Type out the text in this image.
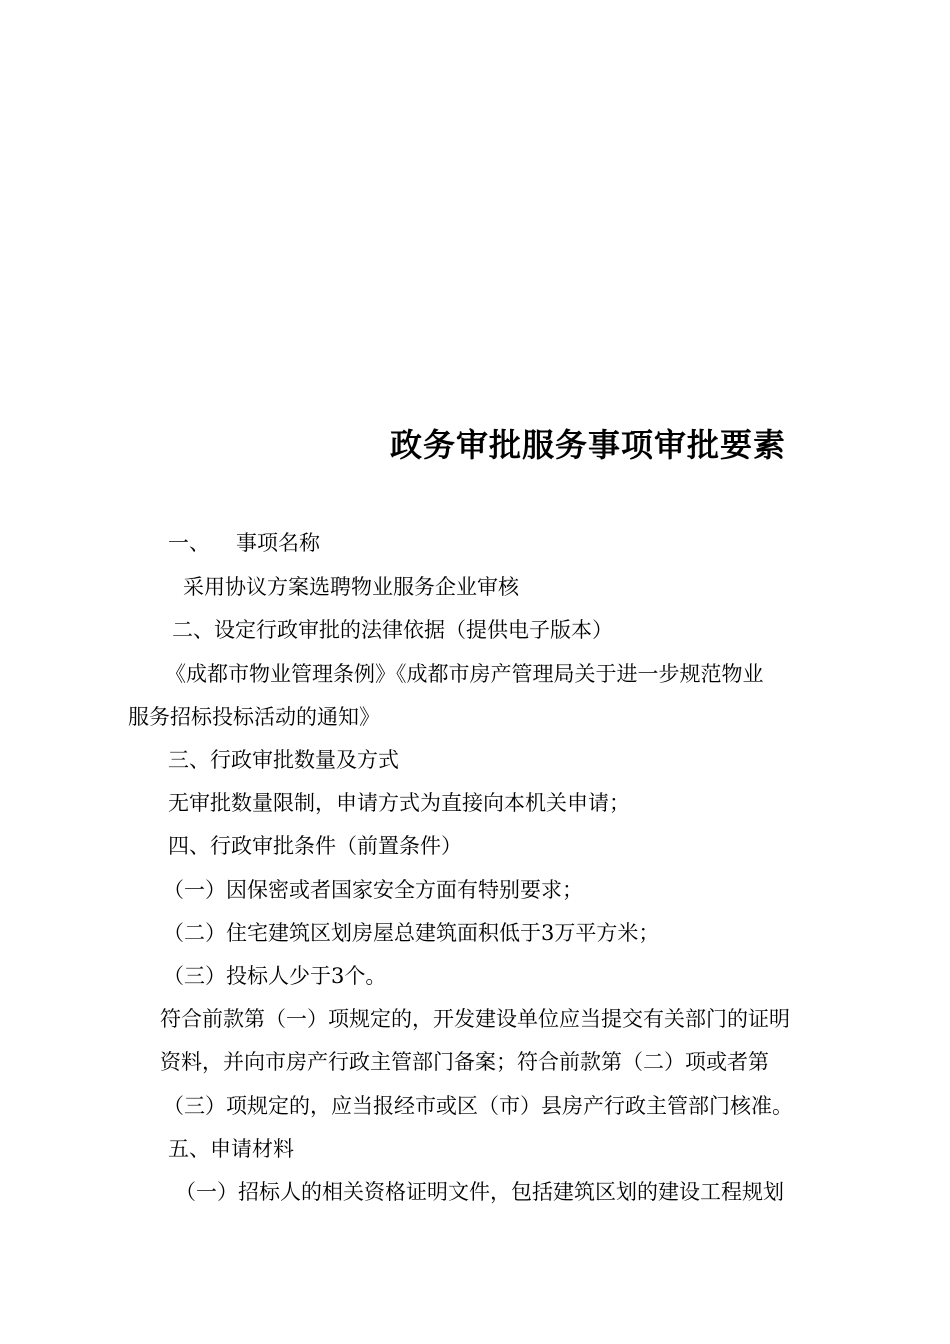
政务审批服务事项审批要素
一、 事项名称
采用协议方案选聘物业服务企业审核
二、设定行政审批的法律依据（提供电子版本）
《成都市物业管理条例》《成都市房产管理局关于进一步规范物业
服务招标投标活动的通知》
三、行政审批数量及方式
无审批数量限制，申请方式为直接向本机关申请；
四、行政审批条件（前置条件）
（一）因保密或者国家安全方面有特别要求；
（二）住宅建筑区划房屋总建筑面积低于3万平方米；
（三）投标人少于3个。
符合前款第（一）项规定的，开发建设单位应当提交有关部门的证明
资料，并向市房产行政主管部门备案；符合前款第（二）项或者第
（三）项规定的，应当报经市或区（市）县房产行政主管部门核准。
五、申请材料
（一）招标人的相关资格证明文件，包括建筑区划的建设工程规划
